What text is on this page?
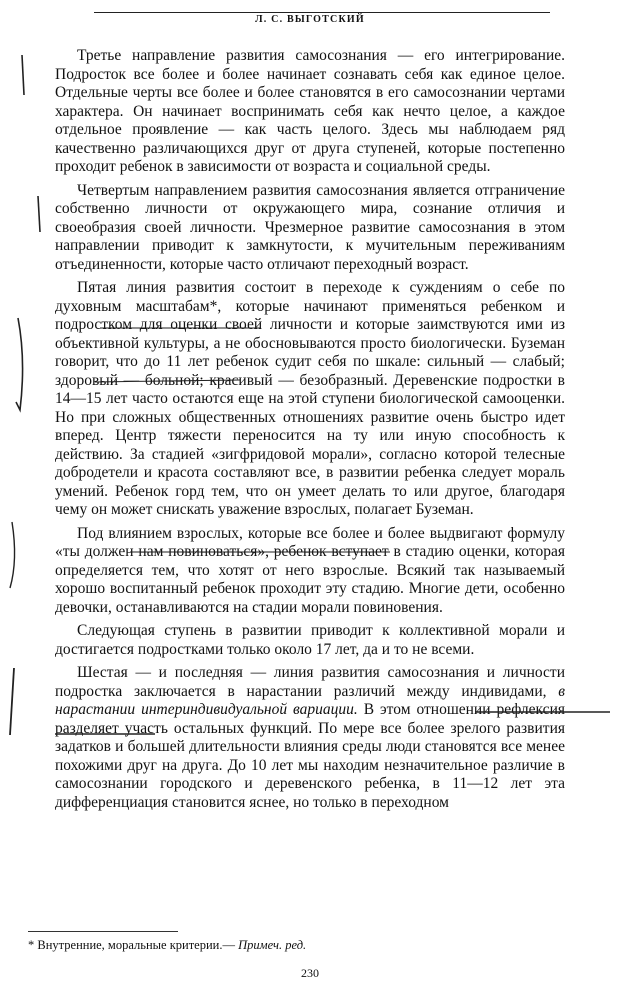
Л. С. ВЫГОТСКИЙ

Третье направление развития самосознания — его интегрирование. Подросток все более и более начинает сознавать себя как единое целое. Отдельные черты все более и более становятся в его самосознании чертами характера. Он начинает воспринимать себя как нечто целое, а каждое отдельное проявление — как часть целого. Здесь мы наблюдаем ряд качественно различающихся друг от друга ступеней, которые постепенно проходит ребенок в зависимости от возраста и социальной среды.

Четвертым направлением развития самосознания является отграничение собственно личности от окружающего мира, сознание отличия и своеобразия своей личности. Чрезмерное развитие самосознания в этом направлении приводит к замкнутости, к мучительным переживаниям отъединенности, которые часто отличают переходный возраст.

Пятая линия развития состоит в переходе к суждениям о себе по духовным масштабам*, которые начинают применяться ребенком и подростком для оценки своей личности и которые заимствуются ими из объективной культуры, а не обосновываются просто биологически. Буземан говорит, что до 11 лет ребенок судит себя по шкале: сильный — слабый; здоровый — больной; красивый — безобразный. Деревенские подростки в 14—15 лет часто остаются еще на этой ступени биологической самооценки. Но при сложных общественных отношениях развитие очень быстро идет вперед. Центр тяжести переносится на ту или иную способность к действию. За стадией «зигфридовой морали», согласно которой телесные добродетели и красота составляют все, в развитии ребенка следует мораль умений. Ребенок горд тем, что он умеет делать то или другое, благодаря чему он может снискать уважение взрослых, полагает Буземан.

Под влиянием взрослых, которые все более и более выдвигают формулу «ты должен нам повиноваться», ребенок вступает в стадию оценки, которая определяется тем, что хотят от него взрослые. Всякий так называемый хорошо воспитанный ребенок проходит эту стадию. Многие дети, особенно девочки, останавливаются на стадии морали повиновения.

Следующая ступень в развитии приводит к коллективной морали и достигается подростками только около 17 лет, да и то не всеми.

Шестая — и последняя — линия развития самосознания и личности подростка заключается в нарастании различий между индивидами, в нарастании интериндивидуальной вариации. В этом отношении рефлексия разделяет участь остальных функций. По мере все более зрелого развития задатков и большей длительности влияния среды люди становятся все менее похожими друг на друга. До 10 лет мы находим незначительное различие в самосознании городского и деревенского ребенка, в 11—12 лет эта дифференциация становится яснее, но только в переходном

* Внутренние, моральные критерии.— Примеч. ред.
230
